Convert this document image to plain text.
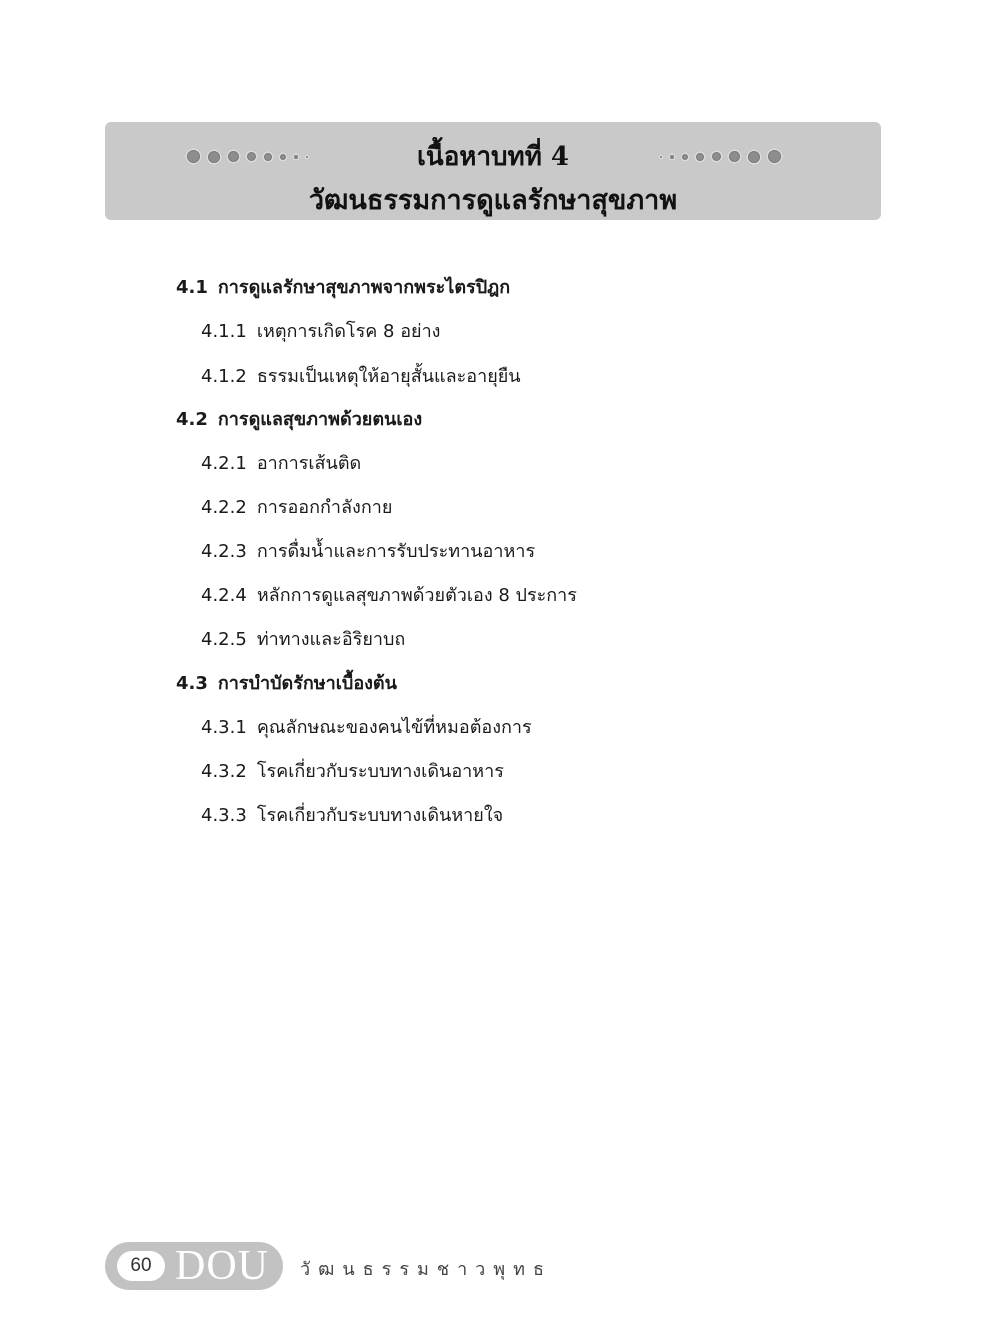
เนื้อหาบทที่ 4
วัฒนธรรมการดูแลรักษาสุขภาพ
4.1 การดูแลรักษาสุขภาพจากพระไตรปิฎก
4.1.1 เหตุการเกิดโรค 8 อย่าง
4.1.2 ธรรมเป็นเหตุให้อายุสั้นและอายุยืน
4.2 การดูแลสุขภาพด้วยตนเอง
4.2.1 อาการเส้นติด
4.2.2 การออกกำลังกาย
4.2.3 การดื่มน้ำและการรับประทานอาหาร
4.2.4 หลักการดูแลสุขภาพด้วยตัวเอง 8 ประการ
4.2.5 ท่าทางและอิริยาบถ
4.3 การบำบัดรักษาเบื้องต้น
4.3.1 คุณลักษณะของคนไข้ที่หมอต้องการ
4.3.2 โรคเกี่ยวกับระบบทางเดินอาหาร
4.3.3 โรคเกี่ยวกับระบบทางเดินหายใจ
60 DOU วัฒนธรรมชาวพุทธ
